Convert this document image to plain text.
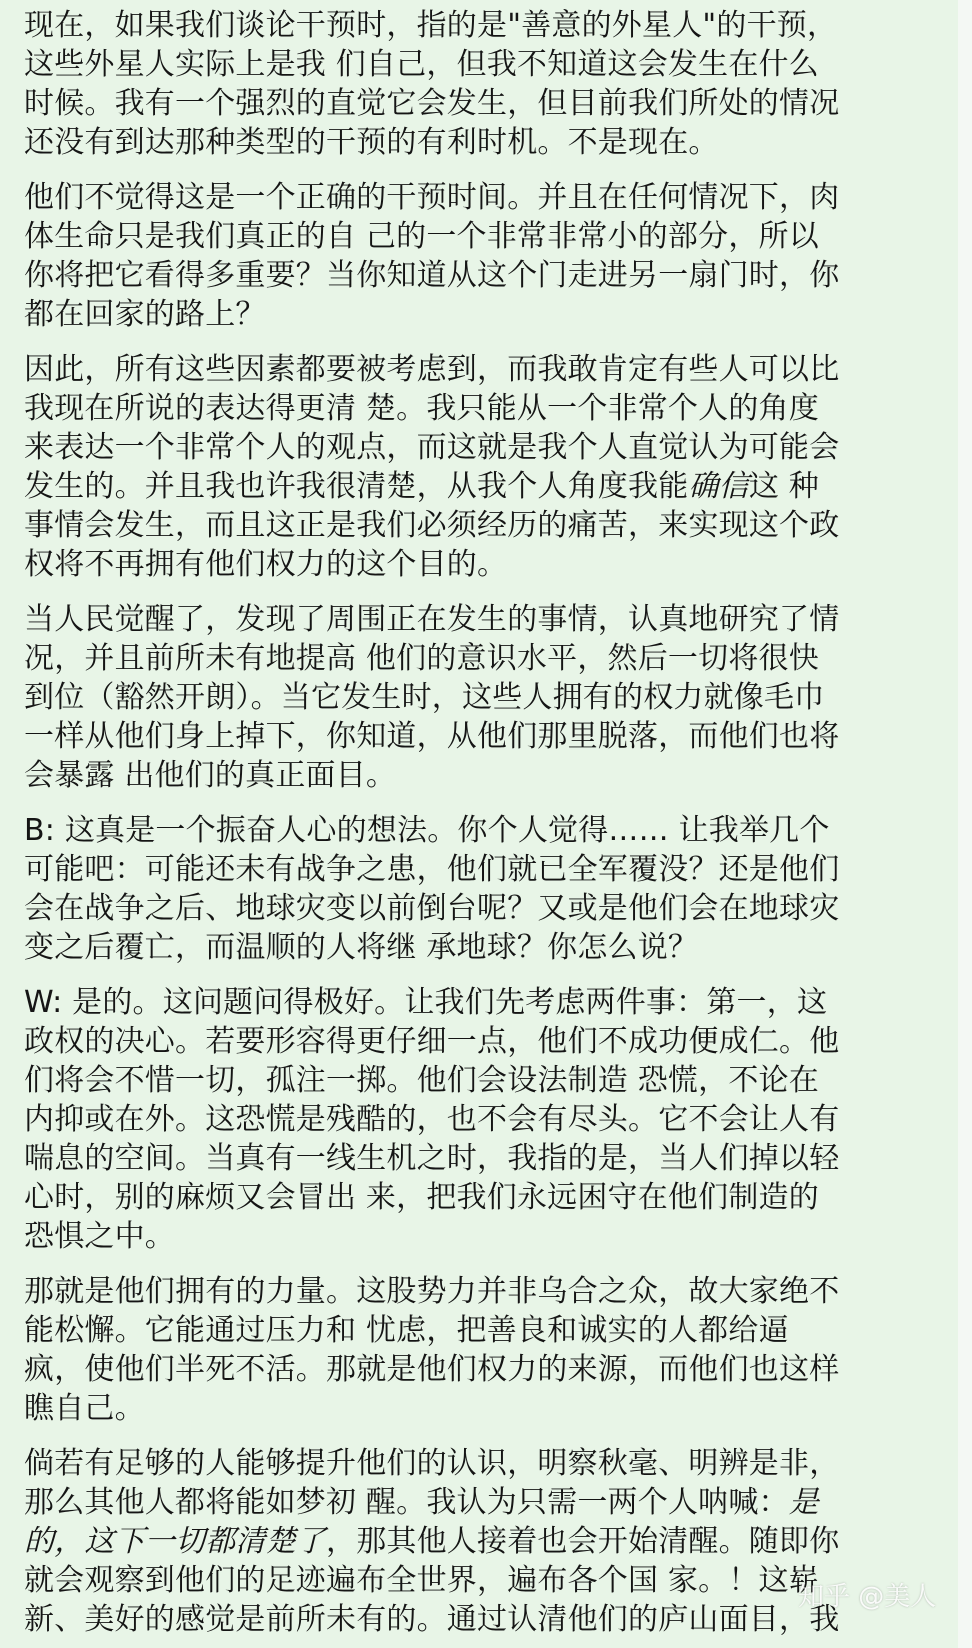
现在，如果我们谈论干预时，指的是"善意的外星人"的干预，
这些外星人实际上是我 们自己，但我不知道这会发生在什么
时候。我有一个强烈的直觉它会发生，但目前我们所处的情况
还没有到达那种类型的干预的有利时机。不是现在。
他们不觉得这是一个正确的干预时间。并且在任何情况下，肉
体生命只是我们真正的自 己的一个非常非常小的部分，所以
你将把它看得多重要？当你知道从这个门走进另一扇门时，你
都在回家的路上？
因此，所有这些因素都要被考虑到，而我敢肯定有些人可以比
我现在所说的表达得更清 楚。我只能从一个非常个人的角度
来表达一个非常个人的观点，而这就是我个人直觉认为可能会
发生的。并且我也许我很清楚，从我个人角度我能确信这 种
事情会发生，而且这正是我们必须经历的痛苦，来实现这个政
权将不再拥有他们权力的这个目的。
当人民觉醒了，发现了周围正在发生的事情，认真地研究了情
况，并且前所未有地提高 他们的意识水平，然后一切将很快
到位（豁然开朗）。当它发生时，这些人拥有的权力就像毛巾
一样从他们身上掉下，你知道，从他们那里脱落，而他们也将
会暴露 出他们的真正面目。
B: 这真是一个振奋人心的想法。你个人觉得…… 让我举几个
可能吧：可能还未有战争之患，他们就已全军覆没？还是他们
会在战争之后、地球灾变以前倒台呢？又或是他们会在地球灾
变之后覆亡，而温顺的人将继 承地球？你怎么说？
W: 是的。这问题问得极好。让我们先考虑两件事：第一，这
政权的决心。若要形容得更仔细一点，他们不成功便成仁。他
们将会不惜一切，孤注一掷。他们会设法制造 恐慌，不论在
内抑或在外。这恐慌是残酷的，也不会有尽头。它不会让人有
喘息的空间。当真有一线生机之时，我指的是，当人们掉以轻
心时，别的麻烦又会冒出 来，把我们永远困守在他们制造的
恐惧之中。
那就是他们拥有的力量。这股势力并非乌合之众，故大家绝不
能松懈。它能通过压力和 忧虑，把善良和诚实的人都给逼
疯，使他们半死不活。那就是他们权力的来源，而他们也这样
瞧自己。
倘若有足够的人能够提升他们的认识，明察秋毫、明辨是非，
那么其他人都将能如梦初 醒。我认为只需一两个人呐喊：是
的，这下一切都清楚了，那其他人接着也会开始清醒。随即你
就会观察到他们的足迹遍布全世界，遍布各个国 家。！这崭
新、美好的感觉是前所未有的。通过认清他们的庐山面目，我
知乎 @美人
